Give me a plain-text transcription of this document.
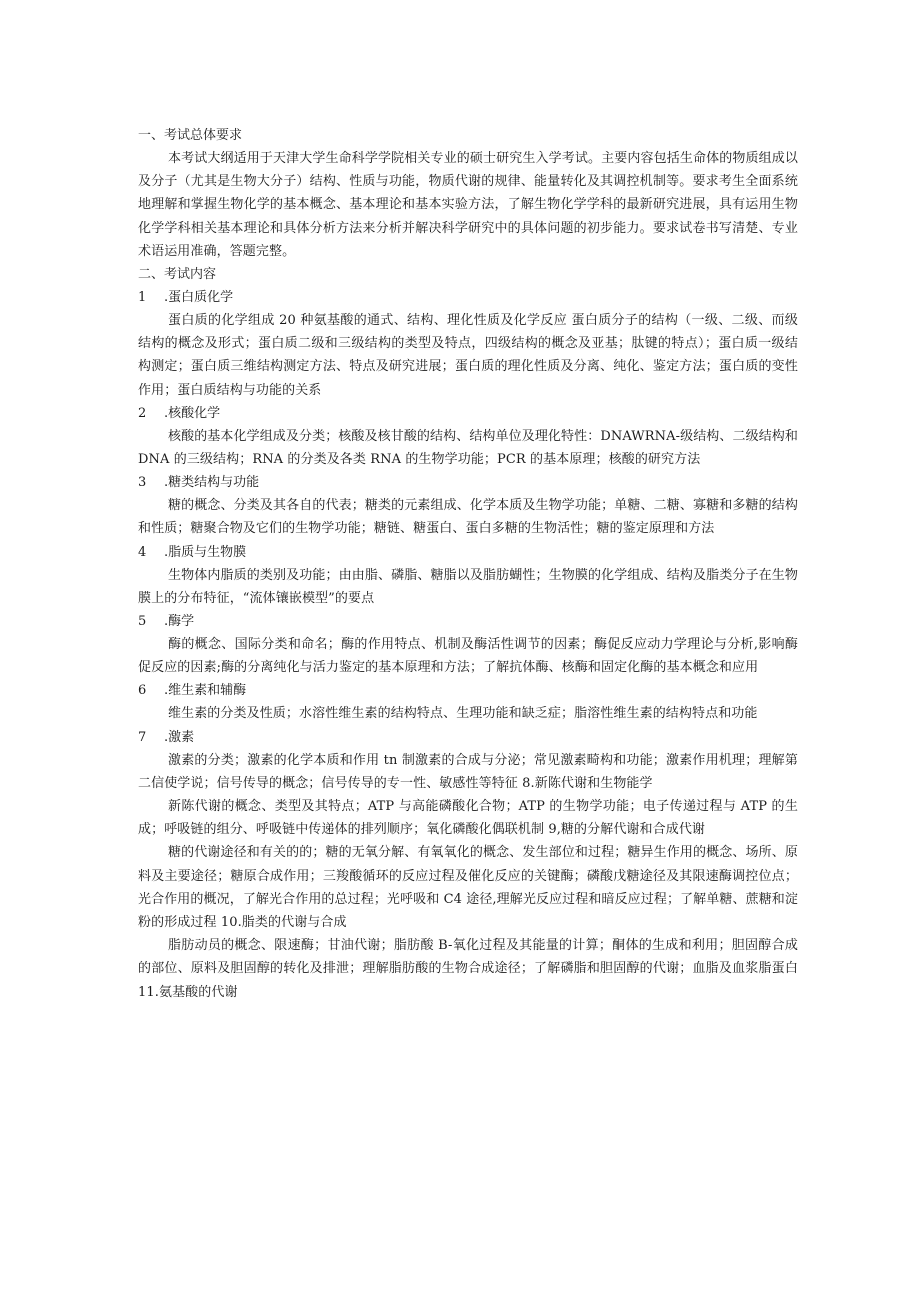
一、考试总体要求

本考试大纲适用于天津大学生命科学学院相关专业的硕士研究生入学考试。主要内容包括生命体的物质组成以及分子（尤其是生物大分子）结构、性质与功能，物质代谢的规律、能量转化及其调控机制等。要求考生全面系统地理解和掌握生物化学的基本概念、基本理论和基本实验方法，了解生物化学学科的最新研究进展，具有运用生物化学学科相关基本理论和具体分析方法来分析并解决科学研究中的具体问题的初步能力。要求试卷书写清楚、专业术语运用准确，答题完整。

二、考试内容

1 .蛋白质化学

蛋白质的化学组成 20 种氨基酸的通式、结构、理化性质及化学反应 蛋白质分子的结构（一级、二级、而级结构的概念及形式；蛋白质二级和三级结构的类型及特点，四级结构的概念及亚基；肽键的特点）；蛋白质一级结构测定；蛋白质三维结构测定方法、特点及研究进展；蛋白质的理化性质及分离、纯化、鉴定方法；蛋白质的变性作用；蛋白质结构与功能的关系

2 .核酸化学

核酸的基本化学组成及分类；核酸及核甘酸的结构、结构单位及理化特性：DNAWRNA-级结构、二级结构和 DNA 的三级结构；RNA 的分类及各类 RNA 的生物学功能；PCR 的基本原理；核酸的研究方法

3 .糖类结构与功能

糖的概念、分类及其各自的代表；糖类的元素组成、化学本质及生物学功能；单糖、二糖、寡糖和多糖的结构和性质；糖聚合物及它们的生物学功能；糖链、糖蛋白、蛋白多糖的生物活性；糖的鉴定原理和方法

4 .脂质与生物膜

生物体内脂质的类别及功能；由由脂、磷脂、糖脂以及脂肪蝴性；生物膜的化学组成、结构及脂类分子在生物膜上的分布特征，“流体镶嵌模型”的要点

5 .酶学

酶的概念、国际分类和命名；酶的作用特点、机制及酶活性调节的因素；酶促反应动力学理论与分析,影响酶促反应的因素;酶的分离纯化与活力鉴定的基本原理和方法；了解抗体酶、核酶和固定化酶的基本概念和应用

6 .维生素和辅酶

维生素的分类及性质；水溶性维生素的结构特点、生理功能和缺乏症；脂溶性维生素的结构特点和功能

7 .激素

激素的分类；激素的化学本质和作用 tn 制激素的合成与分泌；常见激素畸构和功能；激素作用机理；理解第二信使学说；信号传导的概念；信号传导的专一性、敏感性等特征 8.新陈代谢和生物能学

新陈代谢的概念、类型及其特点；ATP 与高能磷酸化合物；ATP 的生物学功能；电子传递过程与 ATP 的生成；呼吸链的组分、呼吸链中传递体的排列顺序；氧化磷酸化偶联机制 9,糖的分解代谢和合成代谢

糖的代谢途径和有关的的；糖的无氧分解、有氧氧化的概念、发生部位和过程；糖异生作用的概念、场所、原料及主要途径；糖原合成作用；三羧酸循环的反应过程及催化反应的关键酶；磷酸戊糖途径及其限速酶调控位点；光合作用的概况，了解光合作用的总过程；光呼吸和 C4 途径,理解光反应过程和暗反应过程；了解单糖、蔗糖和淀粉的形成过程 10.脂类的代谢与合成

脂肪动员的概念、限速酶；甘油代谢；脂肪酸 B-氧化过程及其能量的计算；酮体的生成和利用；胆固醇合成的部位、原料及胆固醇的转化及排泄；理解脂肪酸的生物合成途径；了解磷脂和胆固醇的代谢；血脂及血浆脂蛋白 11.氨基酸的代谢
